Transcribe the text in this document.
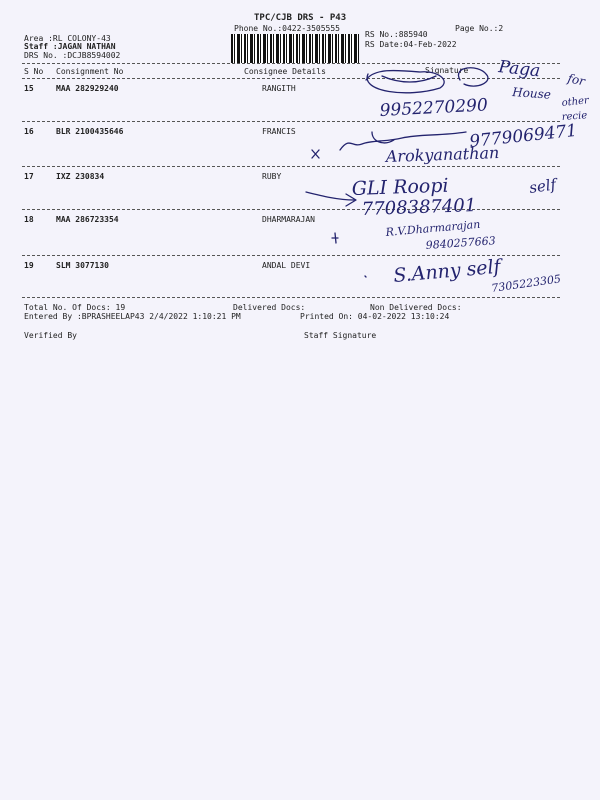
TPC/CJB DRS - P43
Phone No.:0422-3505555	Page No.:2
Area :RL COLONY-43
Staff :JAGAN NATHAN
DRS No. :DCJB8594002
RS No.:885940
RS Date:04-Feb-2022
S No Consignment No	Consignee Details	Signature
15	MAA 282929240	RANGITH
16	BLR 2100435646	FRANCIS
17	IXZ 230834	RUBY
18	MAA 286723354	DHARMARAJAN
19	SLM 3077130	ANDAL DEVI
Paga for
House
other
9952270290	recie
9779069471
Arokyanathan
GLI Roopi	self
7708387401
R.V.Dharmarajan
9840257663
S.Anny self
7305223305
Total No. Of Docs: 19	Delivered Docs:	Non Delivered Docs:
Entered By :BPRASHEELAP43 2/4/2022 1:10:21 PM	Printed On: 04-02-2022 13:10:24
Verified By	Staff Signature
